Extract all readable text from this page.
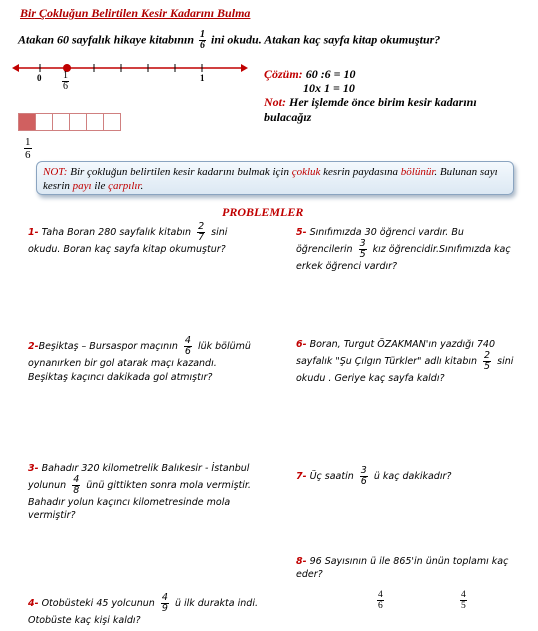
Bir Çokluğun Belirtilen Kesir Kadarını Bulma
Atakan 60 sayfalık hikaye kitabının $\frac{1}{6}$ ini okudu. Atakan kaç sayfa kitap okumuştur?
0	1
$\frac{1}{6}$	Çözüm: 60 :6 = 10
10x 1 = 10
Not: Her işlemde önce birim kesir kadarını bulacağız
$\frac{1}{6}$
NOT: Bir çokluğun belirtilen kesir kadarını bulmak için çokluk kesrin paydasına bölünür. Bulunan sayı kesrin payı ile çarpılır.
PROBLEMLER
1- Taha Boran 280 sayfalık kitabın $\frac{2}{7}$ sini okudu. Boran kaç sayfa kitap okumuştur?
2-Beşiktaş – Bursaspor maçının $\frac{4}{6}$ lük bölümü oynanırken bir gol atarak maçı kazandı. Beşiktaş kaçıncı dakikada gol atmıştır?
3- Bahadır 320 kilometrelik Balıkesir - İstanbul yolunun $\frac{4}{8}$ ünü gittikten sonra mola vermiştir. Bahadır yolun kaçıncı kilometresinde mola vermiştir?
4- Otobüsteki 45 yolcunun $\frac{4}{9}$ ü ilk durakta indi. Otobüste kaç kişi kaldı?
5- Sınıfımızda 30 öğrenci vardır. Bu öğrencilerin $\frac{3}{5}$ kız öğrencidir.Sınıfımızda kaç erkek öğrenci vardır?
6- Boran, Turgut ÖZAKMAN'ın yazdığı 740 sayfalık "Şu Çılgın Türkler" adlı kitabın $\frac{2}{5}$ sini okudu . Geriye kaç sayfa kaldı?
7- Üç saatin $\frac{3}{6}$ ü kaç dakikadır?
8- 96 Sayısının ü ile 865'in ünün toplamı kaç eder?
$\frac{4}{6}$	$\frac{4}{5}$
